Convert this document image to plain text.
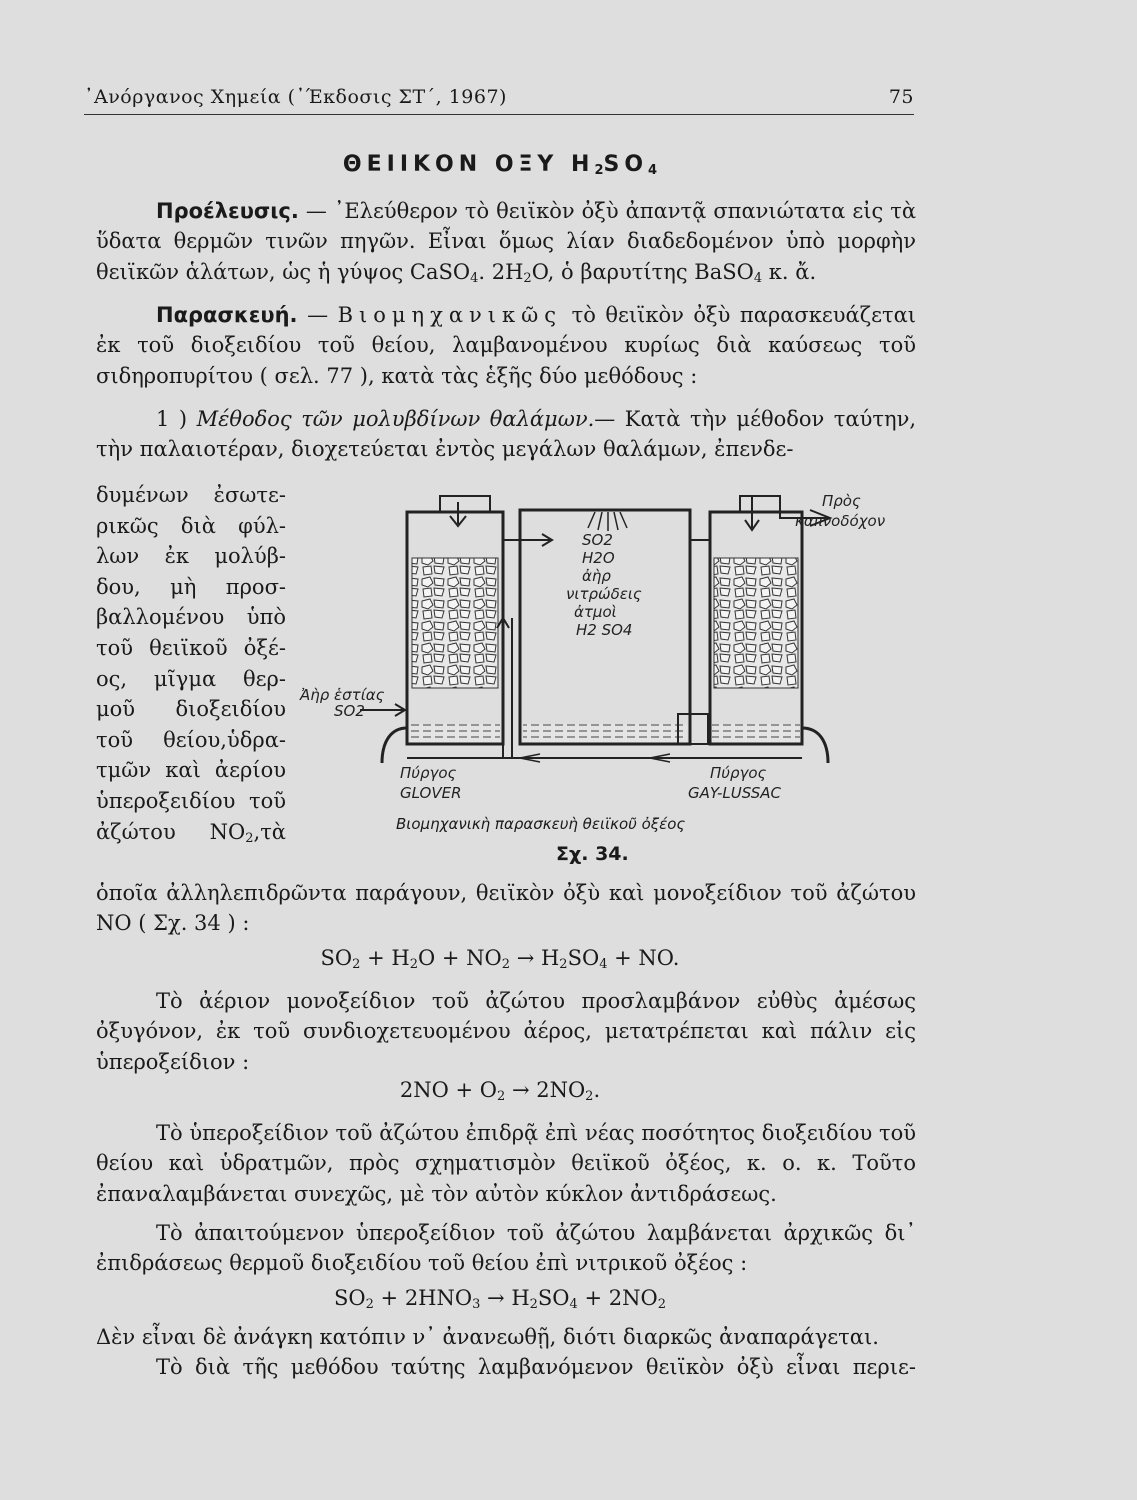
᾿Ανόργανος Χημεία (᾿Έκδοσις ΣΤ΄, 1967)	75
ΘΕΙΙΚΟΝ ΟΞΥ $H_2SO_4$
Προέλευσις. — ᾿Ελεύθερον τὸ θειϊκὸν ὀξὺ ἀπαντᾷ σπανιώτατα εἰς τὰ ὕδατα θερμῶν τινῶν πηγῶν. Εἶναι ὅμως λίαν διαδεδομένον ὑπὸ μορφὴν θειϊκῶν ἁλάτων, ὡς ἡ γύψος CaSO$_4$. $2H_2O$, ὁ βαρυτίτης BaSO$_4$ κ. ἄ.
Παρασκευή. — Βιομηχανικῶς τὸ θειϊκὸν ὀξὺ παρασκευάζεται ἐκ τοῦ διοξειδίου τοῦ θείου, λαμβανομένου κυρίως διὰ καύσεως τοῦ σιδηροπυρίτου ( σελ. 77 ), κατὰ τὰς ἑξῆς δύο μεθόδους :
1 ) Μέθοδος τῶν μολυβδίνων θαλάμων.— Κατὰ τὴν μέθοδον ταύτην, τὴν παλαιοτέραν, διοχετεύεται ἐντὸς μεγάλων θαλάμων, ἐπενδε-
δυμένων ἐσωτε-
ρικῶς διὰ φύλ-
λων ἐκ μολύβ-
δου, μὴ προσ-
βαλλομένου ὑπὸ
τοῦ θειϊκοῦ ὀξέ-
ος, μῖγμα θερ-
μοῦ διοξειδίου
τοῦ θείου,ὑδρα-
τμῶν καὶ ἀερίου
ὑπεροξειδίου τοῦ
ἀζώτου $NO_2,\tau ὰ$
Πρὸς
καπνοδόχον
SO2
H2O
ἀὴρ
νιτρώδεις
ἀτμοὶ
H2 SO4
Ἀὴρ ἑστίας
SO2
Πύργος
GLOVER
Πύργος
GAY-LUSSAC
Βιομηχανικὴ παρασκευὴ θειϊκοῦ ὀξέος
Σχ. 34.
ὁποῖα ἀλληλεπιδρῶντα παράγουν, θειϊκὸν ὀξὺ καὶ μονοξείδιον τοῦ ἀζώτου NO ( Σχ. 34 ) :
$SO_2 + H_2O + NO_2 \to H_2SO_4$ + NO.
Τὸ ἀέριον μονοξείδιον τοῦ ἀζώτου προσλαμβάνον εὐθὺς ἀμέσως ὀξυγόνον, ἐκ τοῦ συνδιοχετευομένου ἀέρος, μετατρέπεται καὶ πάλιν εἰς ὑπεροξείδιον :
$2NO + O_2 \to 2NO_2$.
Τὸ ὑπεροξείδιον τοῦ ἀζώτου ἐπιδρᾷ ἐπὶ νέας ποσότητος διοξειδίου τοῦ θείου καὶ ὑδρατμῶν, πρὸς σχηματισμὸν θειϊκοῦ ὀξέος, κ. ο. κ. Τοῦτο ἐπαναλαμβάνεται συνεχῶς, μὲ τὸν αὐτὸν κύκλον ἀντιδράσεως.
Τὸ ἀπαιτούμενον ὑπεροξείδιον τοῦ ἀζώτου λαμβάνεται ἀρχικῶς δι᾿ ἐπιδράσεως θερμοῦ διοξειδίου τοῦ θείου ἐπὶ νιτρικοῦ ὀξέος :
$SO_2 + 2HNO_3 \to H_2SO_4 + 2NO_2$
Δὲν εἶναι δὲ ἀνάγκη κατόπιν ν᾿ ἀνανεωθῇ, διότι διαρκῶς ἀναπαράγεται.
Τὸ διὰ τῆς μεθόδου ταύτης λαμβανόμενον θειϊκὸν ὀξὺ εἶναι περιε-
